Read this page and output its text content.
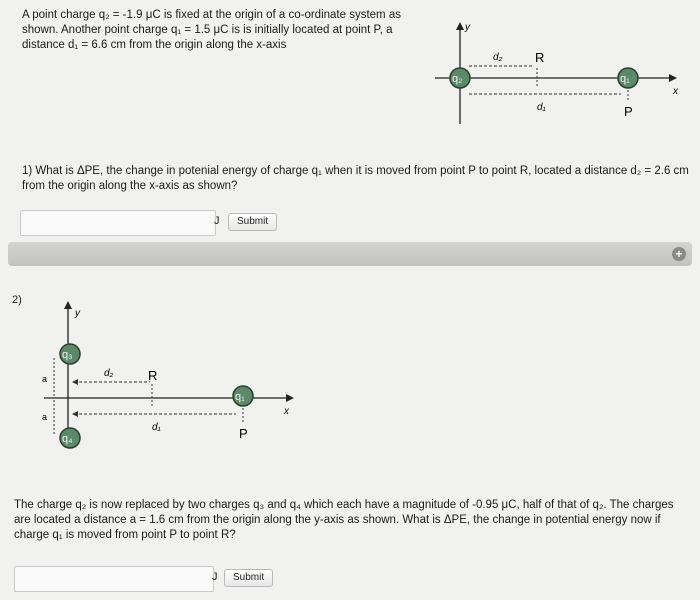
A point charge q₂ = -1.9 μC is fixed at the origin of a co-ordinate system as shown. Another point charge q₁ = 1.5 μC is is initially located at point P, a distance d₁ = 6.6 cm from the origin along the x-axis
y
x
d₂	R
d₁
q₂	q₁
P
1) What is ΔPE, the change in potenial energy of charge q₁ when it is moved from point P to point R, located a distance d₂ = 2.6 cm from the origin along the x-axis as shown?
J	Submit
+
2)
y
x
a
a
d₂	R
d₁
q₃
q₄
q₁
P
The charge q₂ is now replaced by two charges q₃ and q₄ which each have a magnitude of -0.95 μC, half of that of q₂. The charges are located a distance a = 1.6 cm from the origin along the y-axis as shown. What is ΔPE, the change in potential energy now if charge q₁ is moved from point P to point R?
J	Submit
